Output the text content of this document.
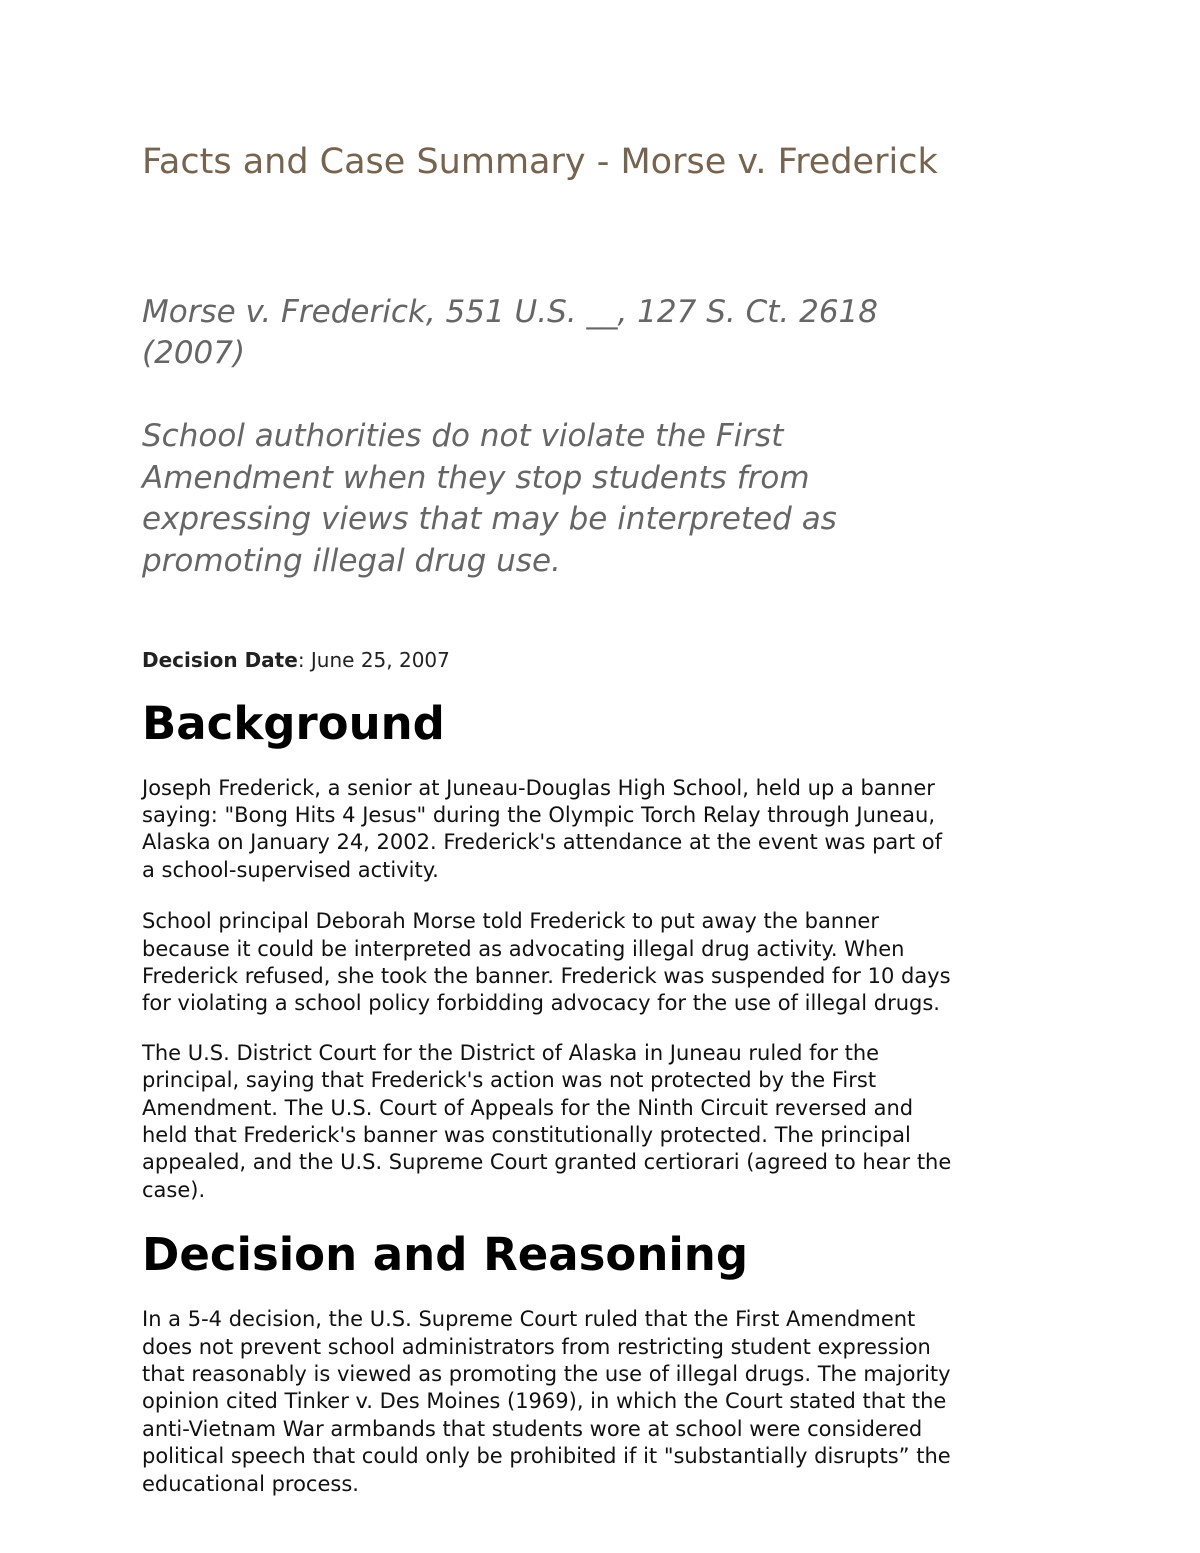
Facts and Case Summary - Morse v. Frederick

Morse v. Frederick, 551 U.S. __, 127 S. Ct. 2618
(2007)

School authorities do not violate the First
Amendment when they stop students from
expressing views that may be interpreted as
promoting illegal drug use.

Decision Date: June 25, 2007

Background

Joseph Frederick, a senior at Juneau-Douglas High School, held up a banner
saying: "Bong Hits 4 Jesus" during the Olympic Torch Relay through Juneau,
Alaska on January 24, 2002. Frederick's attendance at the event was part of
a school-supervised activity.

School principal Deborah Morse told Frederick to put away the banner
because it could be interpreted as advocating illegal drug activity. When
Frederick refused, she took the banner. Frederick was suspended for 10 days
for violating a school policy forbidding advocacy for the use of illegal drugs.

The U.S. District Court for the District of Alaska in Juneau ruled for the
principal, saying that Frederick's action was not protected by the First
Amendment. The U.S. Court of Appeals for the Ninth Circuit reversed and
held that Frederick's banner was constitutionally protected. The principal
appealed, and the U.S. Supreme Court granted certiorari (agreed to hear the
case).

Decision and Reasoning

In a 5-4 decision, the U.S. Supreme Court ruled that the First Amendment
does not prevent school administrators from restricting student expression
that reasonably is viewed as promoting the use of illegal drugs. The majority
opinion cited Tinker v. Des Moines (1969), in which the Court stated that the
anti-Vietnam War armbands that students wore at school were considered
political speech that could only be prohibited if it "substantially disrupts” the
educational process.
